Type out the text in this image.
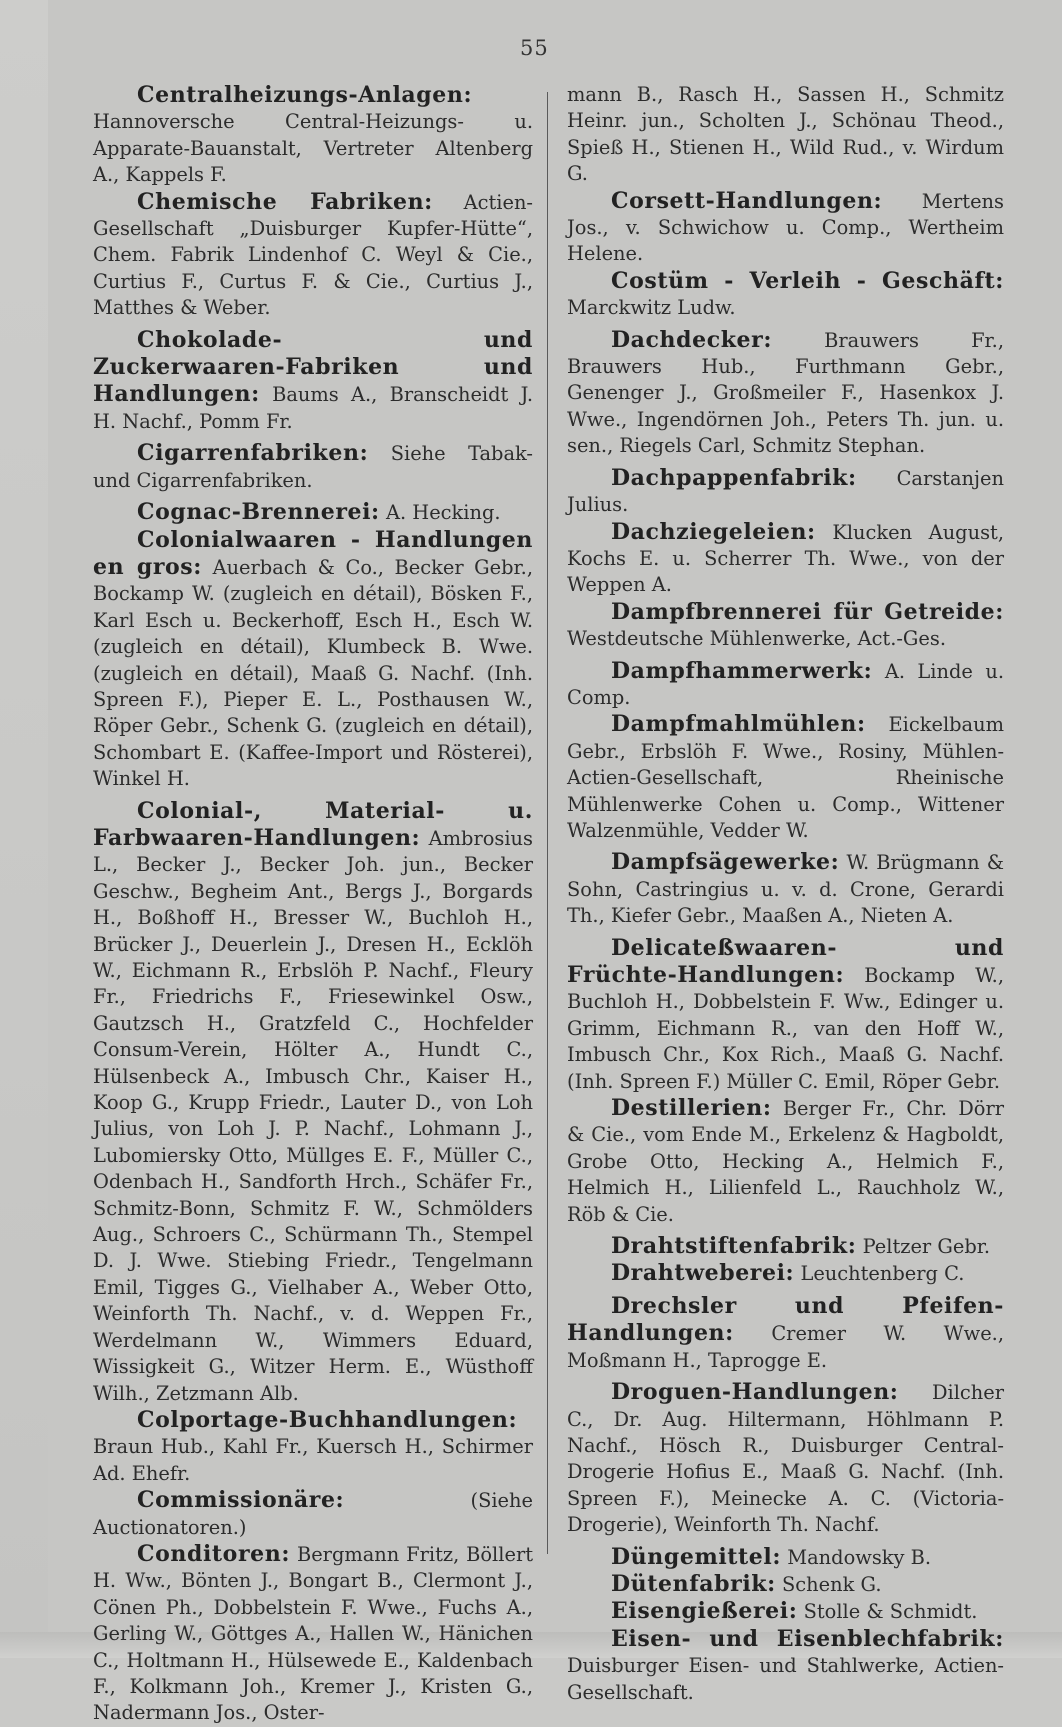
55

Centralheizungs-Anlagen:

Hannoversche Central-Heizungs- u. Apparate-Bauanstalt, Vertreter Altenberg A., Kappels F.

Chemische Fabriken: Actien-Gesellschaft „Duisburger Kupfer-Hütte“, Chem. Fabrik Lindenhof C. Weyl & Cie., Curtius F., Curtus F. & Cie., Curtius J., Matthes & Weber.

Chokolade- und Zuckerwaaren-Fabriken und Handlungen: Baums A., Branscheidt J. H. Nachf., Pomm Fr.

Cigarrenfabriken: Siehe Tabak- und Cigarrenfabriken.

Cognac-Brennerei: A. Hecking.

Colonialwaaren - Handlungen en gros: Auerbach & Co., Becker Gebr., Bockamp W. (zugleich en détail), Bösken F., Karl Esch u. Beckerhoff, Esch H., Esch W. (zugleich en détail), Klumbeck B. Wwe. (zugleich en détail), Maaß G. Nachf. (Inh. Spreen F.), Pieper E. L., Posthausen W., Röper Gebr., Schenk G. (zugleich en détail), Schombart E. (Kaffee-Import und Rösterei), Winkel H.

Colonial-, Material- u. Farbwaaren-Handlungen: Ambrosius L., Becker J., Becker Joh. jun., Becker Geschw., Begheim Ant., Bergs J., Borgards H., Boßhoff H., Bresser W., Buchloh H., Brücker J., Deuerlein J., Dresen H., Ecklöh W., Eichmann R., Erbslöh P. Nachf., Fleury Fr., Friedrichs F., Friesewinkel Osw., Gautzsch H., Gratzfeld C., Hochfelder Consum-Verein, Hölter A., Hundt C., Hülsenbeck A., Imbusch Chr., Kaiser H., Koop G., Krupp Friedr., Lauter D., von Loh Julius, von Loh J. P. Nachf., Lohmann J., Lubomiersky Otto, Müllges E. F., Müller C., Odenbach H., Sandforth Hrch., Schäfer Fr., Schmitz-Bonn, Schmitz F. W., Schmölders Aug., Schroers C., Schürmann Th., Stempel D. J. Wwe. Stiebing Friedr., Tengelmann Emil, Tigges G., Vielhaber A., Weber Otto, Weinforth Th. Nachf., v. d. Weppen Fr., Werdelmann W., Wimmers Eduard, Wissigkeit G., Witzer Herm. E., Wüsthoff Wilh., Zetzmann Alb.

Colportage-Buchhandlungen: Braun Hub., Kahl Fr., Kuersch H., Schirmer Ad. Ehefr.

Commissionäre:	(Siehe Auctionatoren.)

Conditoren: Bergmann Fritz, Böllert H. Ww., Bönten J., Bongart B., Clermont J., Cönen Ph., Dobbelstein F. Wwe., Fuchs A., Gerling W., Göttges A., Hallen W., Hänichen C., Holtmann H., Hülsewede E., Kaldenbach F., Kolkmann Joh., Kremer J., Kristen G., Nadermann Jos., Oster-

mann B., Rasch H., Sassen H., Schmitz Heinr. jun., Scholten J., Schönau Theod., Spieß H., Stienen H., Wild Rud., v. Wirdum G.

Corsett-Handlungen: Mertens Jos., v. Schwichow u. Comp., Wertheim Helene.

Costüm - Verleih - Geschäft: Marckwitz Ludw.

Dachdecker:	Brauwers Fr., Brauwers Hub., Furthmann Gebr., Genenger J., Großmeiler F., Hasenkox J. Wwe., Ingendörnen Joh., Peters Th. jun. u. sen., Riegels Carl, Schmitz Stephan.

Dachpappenfabrik: Carstanjen Julius.

Dachziegeleien: Klucken August, Kochs E. u. Scherrer Th. Wwe., von der Weppen A.

Dampfbrennerei für Getreide: Westdeutsche Mühlenwerke, Act.-Ges.

Dampfhammerwerk: A. Linde u. Comp.

Dampfmahlmühlen: Eickelbaum Gebr., Erbslöh F. Wwe., Rosiny, Mühlen-Actien-Gesellschaft, Rheinische Mühlenwerke Cohen u. Comp., Wittener Walzenmühle, Vedder W.

Dampfsägewerke: W. Brügmann & Sohn, Castringius u. v. d. Crone, Gerardi Th., Kiefer Gebr., Maaßen A., Nieten A.

Delicateßwaaren- und Früchte-Handlungen: Bockamp W., Buchloh H., Dobbelstein F. Ww., Edinger u. Grimm, Eichmann R., van den Hoff W., Imbusch Chr., Kox Rich., Maaß G. Nachf. (Inh. Spreen F.) Müller C. Emil, Röper Gebr.

Destillerien: Berger Fr., Chr. Dörr & Cie., vom Ende M., Erkelenz & Hagboldt, Grobe Otto, Hecking A., Helmich F., Helmich H., Lilienfeld L., Rauchholz W., Röb & Cie.

Drahtstiftenfabrik: Peltzer Gebr.

Drahtweberei: Leuchtenberg C.

Drechsler und Pfeifen-Handlungen: Cremer W. Wwe., Moßmann H., Taprogge E.

Droguen-Handlungen: Dilcher C., Dr. Aug. Hiltermann, Höhlmann P. Nachf., Hösch R., Duisburger Central-Drogerie Hofius E., Maaß G. Nachf. (Inh. Spreen F.), Meinecke A. C. (Victoria-Drogerie), Weinforth Th. Nachf.

Düngemittel: Mandowsky B.

Dütenfabrik: Schenk G.

Eisengießerei: Stolle & Schmidt.

Eisen- und Eisenblechfabrik: Duisburger Eisen- und Stahlwerke, Actien-Gesellschaft.
